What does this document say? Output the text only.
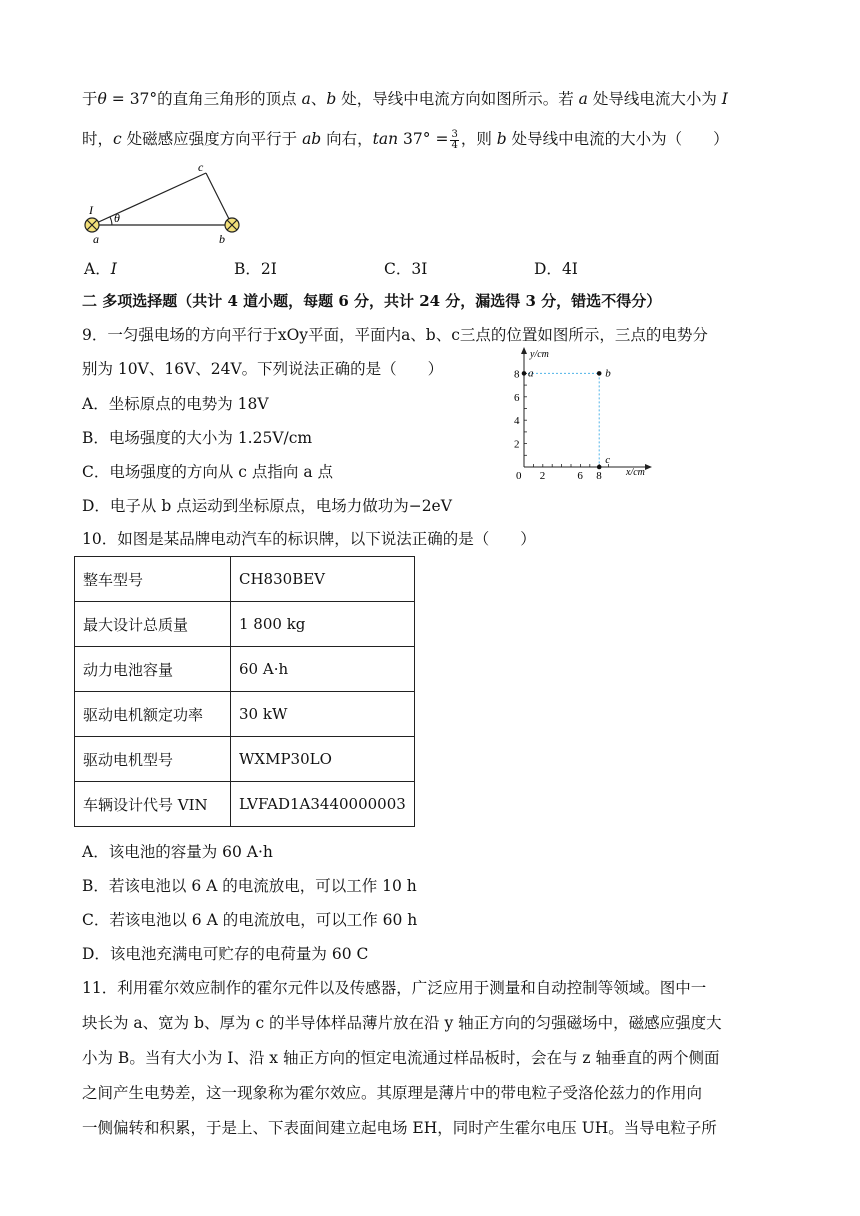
于θ = 37°的直角三角形的顶点 a、b 处，导线中电流方向如图所示。若 a 处导线电流大小为 I
时，c 处磁感应强度方向平行于 ab 向右，$\tan 37^\circ = \frac{3}{4}$ ，则 b 处导线中电流的大小为（　　）
I
θ
a	b
c
A．I	B．2I	C．3I	D．4I
二 多项选择题（共计 4 道小题，每题 6 分，共计 24 分，漏选得 3 分，错选不得分）
9．一匀强电场的方向平行于xOy平面，平面内a、b、c三点的位置如图所示，三点的电势分
别为 10V、16V、24V。下列说法正确的是（　　）
A．坐标原点的电势为 18V
B．电场强度的大小为 1.25V/cm
C．电场强度的方向从 c 点指向 a 点
D．电子从 b 点运动到坐标原点，电场力做功为−2eV
0 2	6 8
2
4
6
8
x/cm
y/cm
a	b
c
10．如图是某品牌电动汽车的标识牌，以下说法正确的是（　　）
整车型号	CH830BEV
最大设计总质量	1 800 kg
动力电池容量	60 A·h
驱动电机额定功率	30 kW
驱动电机型号	WXMP30LO
车辆设计代号 VIN	LVFAD1A3440000003
A．该电池的容量为 60 A·h
B．若该电池以 6 A 的电流放电，可以工作 10 h
C．若该电池以 6 A 的电流放电，可以工作 60 h
D．该电池充满电可贮存的电荷量为 60 C
11．利用霍尔效应制作的霍尔元件以及传感器，广泛应用于测量和自动控制等领域。图中一
块长为 a、宽为 b、厚为 c 的半导体样品薄片放在沿 y 轴正方向的匀强磁场中，磁感应强度大
小为 B。当有大小为 I、沿 x 轴正方向的恒定电流通过样品板时，会在与 z 轴垂直的两个侧面
之间产生电势差，这一现象称为霍尔效应。其原理是薄片中的带电粒子受洛伦兹力的作用向
一侧偏转和积累，于是上、下表面间建立起电场 EH，同时产生霍尔电压 UH。当导电粒子所
